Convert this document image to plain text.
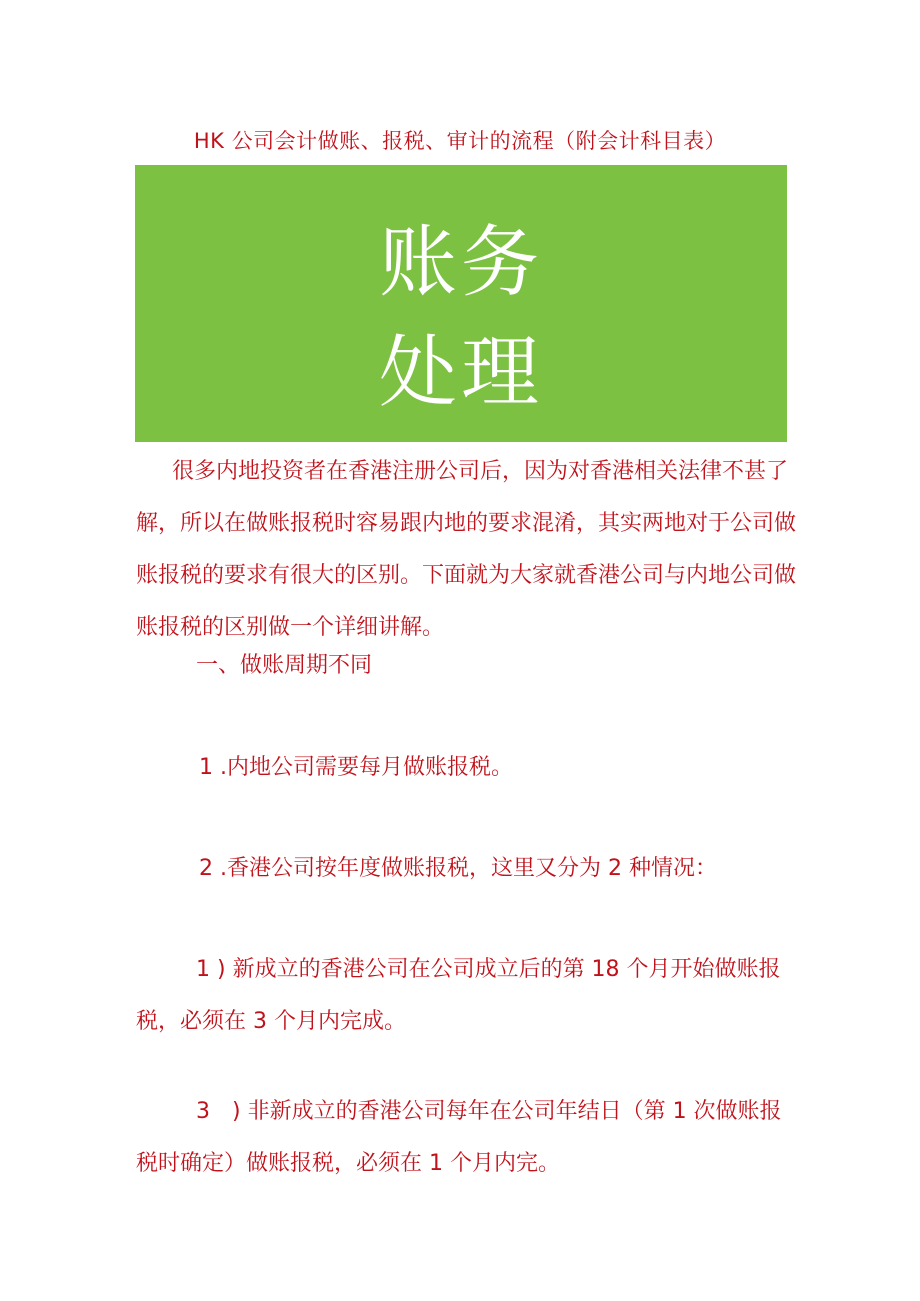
HK 公司会计做账、报税、审计的流程（附会计科目表）
账务
处理

很多内地投资者在香港注册公司后，因为对香港相关法律不甚了解，所以在做账报税时容易跟内地的要求混淆，其实两地对于公司做账报税的要求有很大的区别。下面就为大家就香港公司与内地公司做账报税的区别做一个详细讲解。

一、做账周期不同

1 .内地公司需要每月做账报税。

2 .香港公司按年度做账报税，这里又分为 2 种情况：

1 ) 新成立的香港公司在公司成立后的第 18 个月开始做账报税，必须在 3 个月内完成。

3　) 非新成立的香港公司每年在公司年结日（第 1 次做账报税时确定）做账报税，必须在 1 个月内完。
